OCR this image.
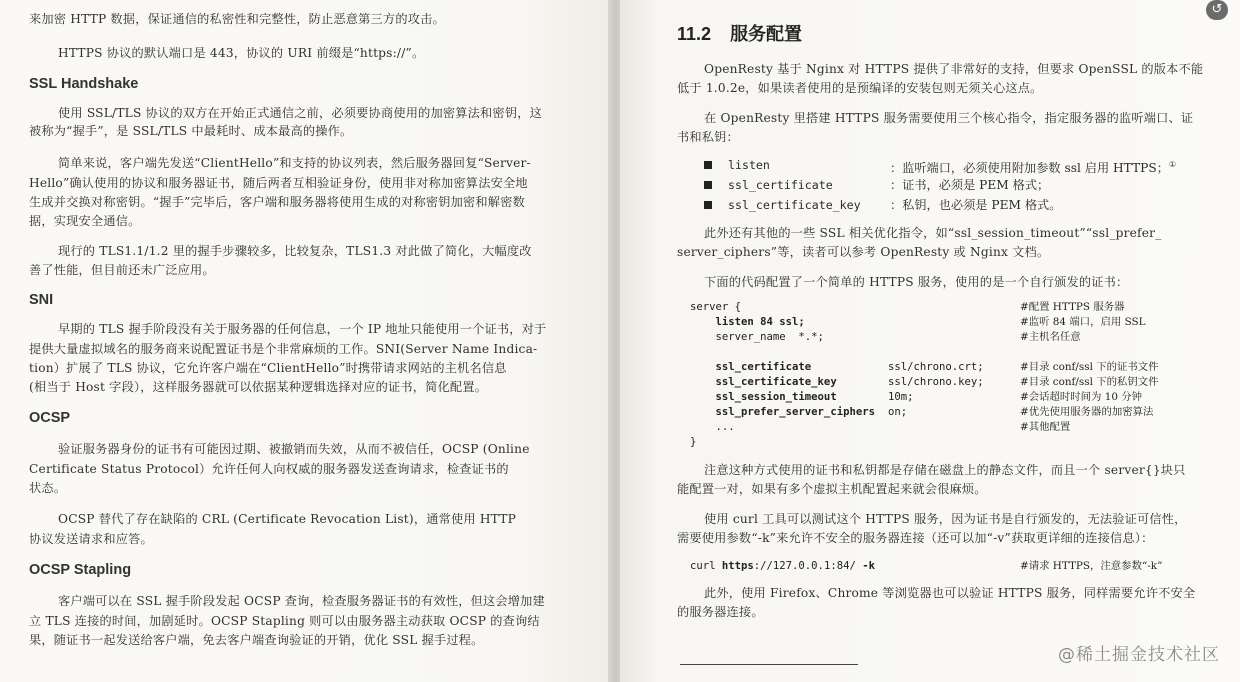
来加密 HTTP 数据，保证通信的私密性和完整性，防止恶意第三方的攻击。

HTTPS 协议的默认端口是 443，协议的 URI 前缀是“https://”。

SSL Handshake

使用 SSL/TLS 协议的双方在开始正式通信之前，必须要协商使用的加密算法和密钥，这

被称为“握手”，是 SSL/TLS 中最耗时、成本最高的操作。

简单来说，客户端先发送“ClientHello”和支持的协议列表，然后服务器回复“Server-

Hello”确认使用的协议和服务器证书，随后两者互相验证身份，使用非对称加密算法安全地

生成并交换对称密钥。“握手”完毕后，客户端和服务器将使用生成的对称密钥加密和解密数

据，实现安全通信。

现行的 TLS1.1/1.2 里的握手步骤较多，比较复杂，TLS1.3 对此做了简化，大幅度改

善了性能，但目前还未广泛应用。

SNI

早期的 TLS 握手阶段没有关于服务器的任何信息，一个 IP 地址只能使用一个证书，对于

提供大量虚拟域名的服务商来说配置证书是个非常麻烦的工作。SNI(Server Name Indica-

tion）扩展了 TLS 协议，它允许客户端在“ClientHello”时携带请求网站的主机名信息

(相当于 Host 字段），这样服务器就可以依据某种逻辑选择对应的证书，简化配置。

OCSP

验证服务器身份的证书有可能因过期、被撤销而失效，从而不被信任，OCSP (Online

Certificate Status Protocol）允许任何人向权威的服务器发送查询请求，检查证书的

状态。

OCSP 替代了存在缺陷的 CRL (Certificate Revocation List)，通常使用 HTTP

协议发送请求和应答。

OCSP Stapling

客户端可以在 SSL 握手阶段发起 OCSP 查询，检查服务器证书的有效性，但这会增加建

立 TLS 连接的时间，加剧延时。OCSP Stapling 则可以由服务器主动获取 OCSP 的查询结

果，随证书一起发送给客户端，免去客户端查询验证的开销，优化 SSL 握手过程。

11.2 服务配置

OpenResty 基于 Nginx 对 HTTPS 提供了非常好的支持，但要求 OpenSSL 的版本不能

低于 1.0.2e，如果读者使用的是预编译的安装包则无须关心这点。

在 OpenResty 里搭建 HTTPS 服务需要使用三个核心指令，指定服务器的监听端口、证

书和私钥：

listen	：监听端口，必须使用附加参数 ssl 启用 HTTPS；①
ssl_certificate	：证书，必须是 PEM 格式；
ssl_certificate_key ：私钥，也必须是 PEM 格式。

此外还有其他的一些 SSL 相关优化指令，如“ssl_session_timeout”“ssl_prefer_

server_ciphers”等，读者可以参考 OpenResty 或 Nginx 文档。

下面的代码配置了一个简单的 HTTPS 服务，使用的是一个自行颁发的证书：

server {	#配置 HTTPS 服务器
listen 84 ssl;	#监听 84 端口，启用 SSL
server_name  *.*;	#主机名任意
ssl_certificate	ssl/chrono.crt;	#目录 conf/ssl 下的证书文件
ssl_certificate_key	ssl/chrono.key;	#目录 conf/ssl 下的私钥文件
ssl_session_timeout	10m;	#会话超时时间为 10 分钟
ssl_prefer_server_ciphers on;	#优先使用服务器的加密算法
...	#其他配置
}

注意这种方式使用的证书和私钥都是存储在磁盘上的静态文件，而且一个 server{}块只

能配置一对，如果有多个虚拟主机配置起来就会很麻烦。

使用 curl 工具可以测试这个 HTTPS 服务，因为证书是自行颁发的，无法验证可信性，

需要使用参数“-k”来允许不安全的服务器连接（还可以加“-v”获取更详细的连接信息）：

curl https://127.0.0.1:84/ -k	#请求 HTTPS，注意参数“-k”

此外，使用 Firefox、Chrome 等浏览器也可以验证 HTTPS 服务，同样需要允许不安全

的服务器连接。

↺
@稀土掘金技术社区
